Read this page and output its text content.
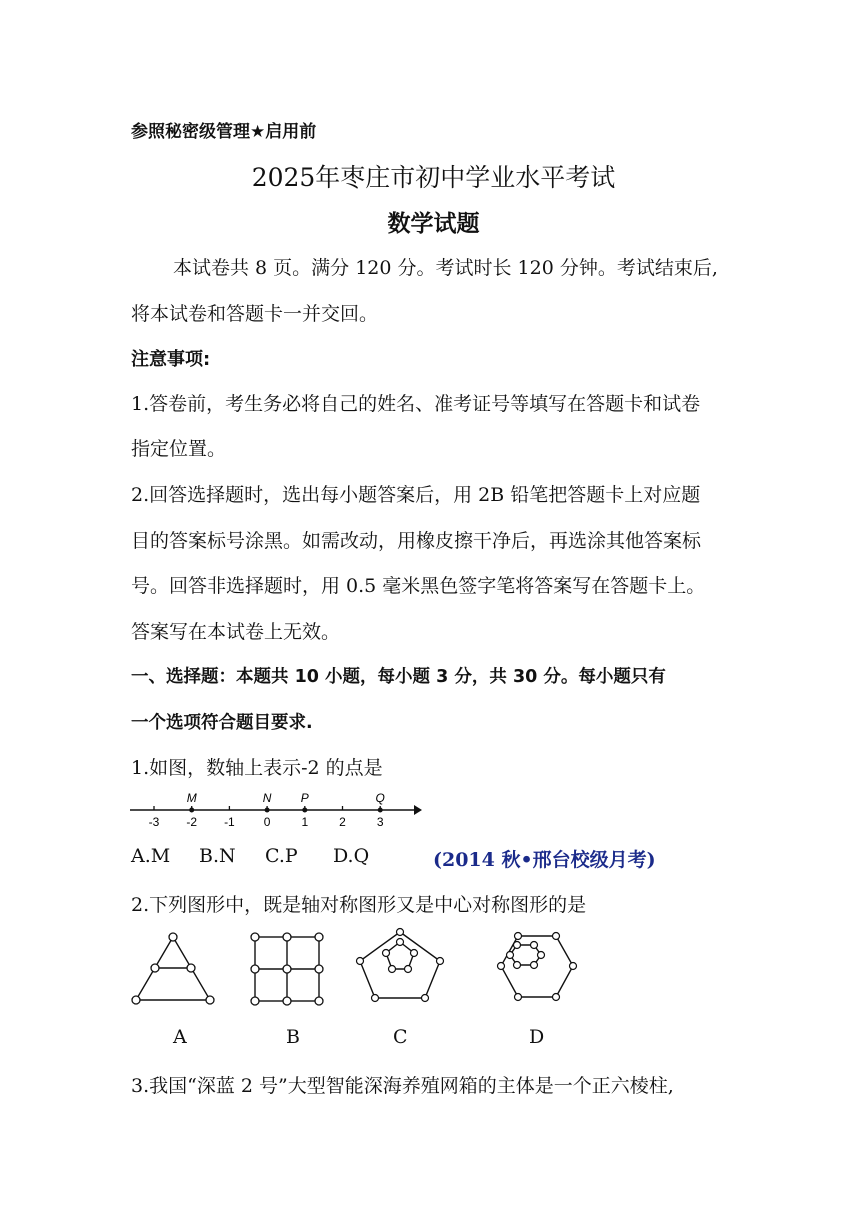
参照秘密级管理★启用前
2025年枣庄市初中学业水平考试
数学试题
本试卷共 8 页。满分 120 分。考试时长 120 分钟。考试结束后,
将本试卷和答题卡一并交回。
注意事项:
1.答卷前，考生务必将自己的姓名、准考证号等填写在答题卡和试卷
指定位置。
2.回答选择题时，选出每小题答案后，用 2B 铅笔把答题卡上对应题
目的答案标号涂黑。如需改动，用橡皮擦干净后，再选涂其他答案标
号。回答非选择题时，用 0.5 毫米黑色签字笔将答案写在答题卡上。
答案写在本试卷上无效。
一、选择题：本题共 10 小题，每小题 3 分，共 30 分。每小题只有
一个选项符合题目要求.
1.如图，数轴上表示-2 的点是
-3 -2 -1 0	1	2	3
M	N P	Q
A.M B.N C.P D.Q	(2014 秋•邢台校级月考)
2.下列图形中，既是轴对称图形又是中心对称图形的是
A	B	C	D
3.我国“深蓝 2 号”大型智能深海养殖网箱的主体是一个正六棱柱,
